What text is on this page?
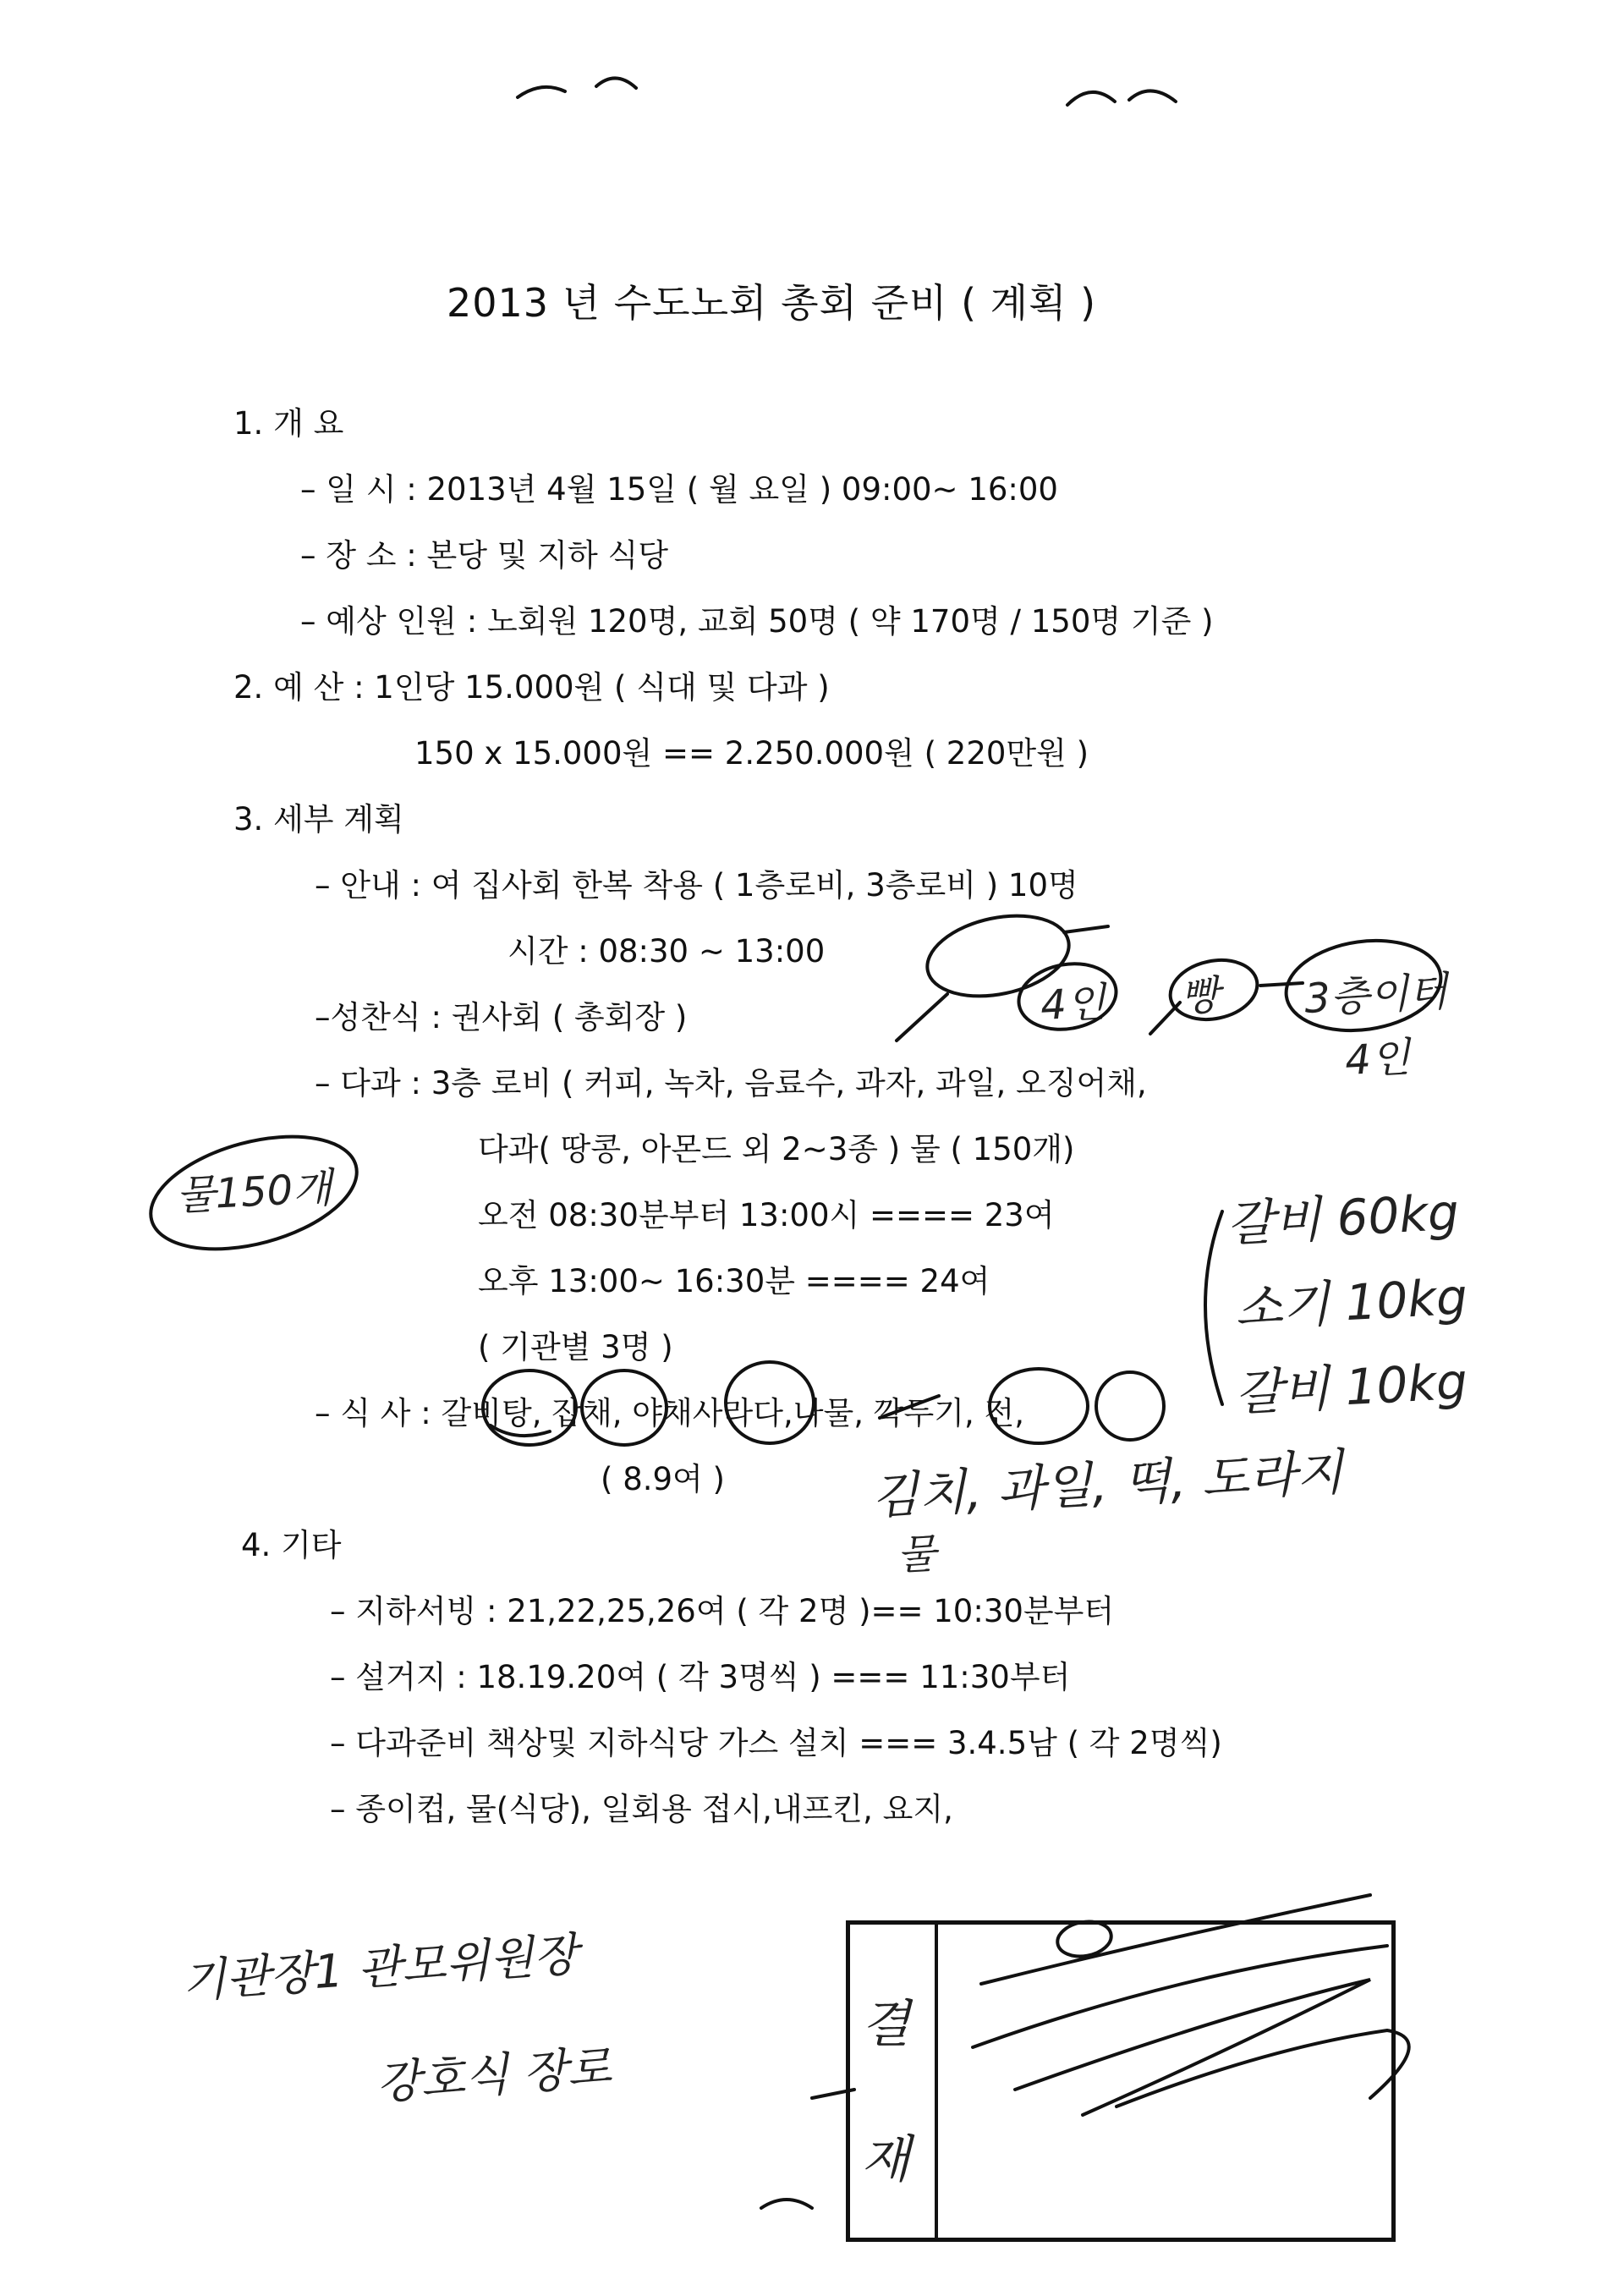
2013 년 수도노회 총회 준비 ( 계획 )
1. 개 요
– 일 시 : 2013년 4월 15일 ( 월 요일 ) 09:00~ 16:00
– 장 소 : 본당 및 지하 식당
– 예상 인원 : 노회원 120명, 교회 50명 ( 약 170명 / 150명 기준 )
2. 예 산 : 1인당 15.000원 ( 식대 및 다과 )
150 x 15.000원 == 2.250.000원 ( 220만원 )
3. 세부 계획
– 안내 : 여 집사회 한복 착용 ( 1층로비, 3층로비 ) 10명
시간 : 08:30 ~ 13:00
–성찬식 : 권사회 ( 총회장 )
– 다과 : 3층 로비 ( 커피, 녹차, 음료수, 과자, 과일, 오징어채,
다과( 땅콩, 아몬드 외 2~3종 ) 물 ( 150개)
오전 08:30분부터 13:00시 ==== 23여
오후 13:00~ 16:30분 ==== 24여
( 기관별 3명 )
– 식 사 : 갈비탕, 잡채, 야채사라다,나물, 깍두기, 전,
( 8.9여 )
4. 기타
– 지하서빙 : 21,22,25,26여 ( 각 2명 )== 10:30분부터
– 설거지 : 18.19.20여 ( 각 3명씩 ) === 11:30부터
– 다과준비 책상및 지하식당 가스 설치 === 3.4.5남 ( 각 2명씩)
– 종이컵, 물(식당), 일회용 접시,내프킨, 요지,
4인 빵 3층이터
4인
물150개	갈비 60kg
소기 10kg
갈비 10kg
김치, 과일, 떡, 도라지
물
기관장1 관모위원장
강호식 장로
결
재
